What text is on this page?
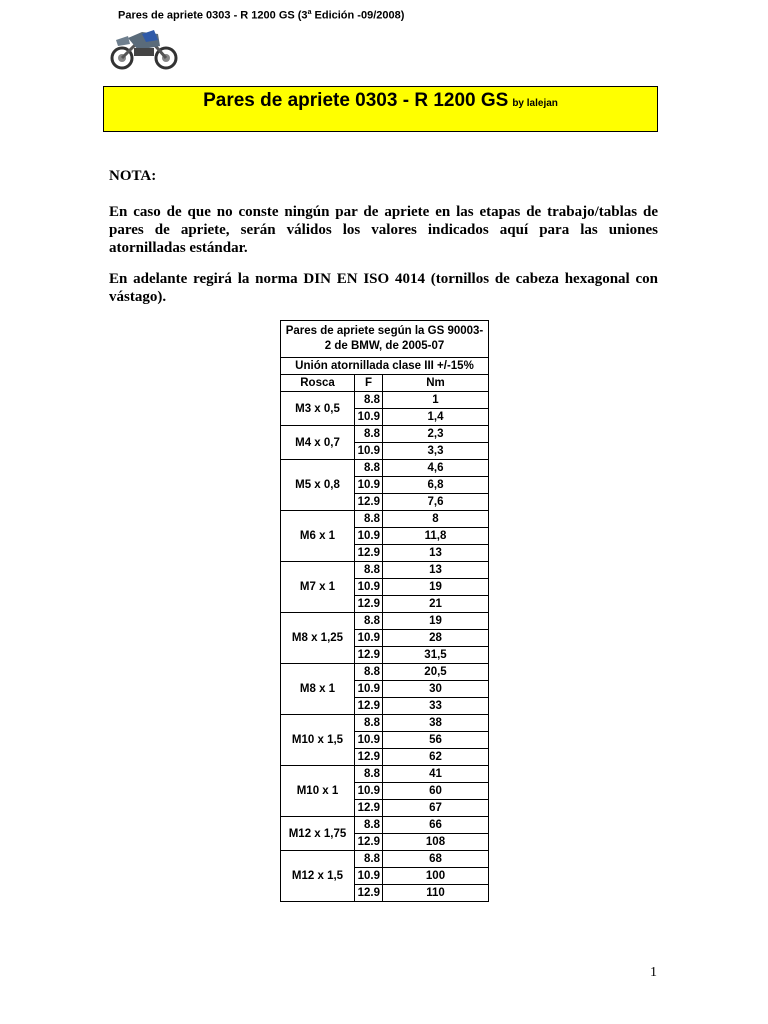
Pares de apriete 0303 - R 1200 GS (3$^a$ Edición -09/2008)
Pares de apriete 0303 - R 1200 GS by lalejan
NOTA:
En caso de que no conste ningún par de apriete en las etapas de trabajo/tablas de pares de apriete, serán válidos los valores indicados aquí para las uniones atornilladas estándar.
En adelante regirá la norma DIN EN ISO 4014 (tornillos de cabeza hexagonal con vástago).
Pares de apriete según la GS 90003-2 de BMW, de 2005-07		
Unión atornillada clase III +/-15%		
Rosca	F	Nm
M3 x 0,5	8.8	1
	10.9	1,4
M4 x 0,7	8.8	2,3
	10.9	3,3
M5 x 0,8	8.8	4,6
	10.9	6,8
	12.9	7,6
M6 x 1	8.8	8
	10.9	11,8
	12.9	13
M7 x 1	8.8	13
	10.9	19
	12.9	21
M8 x 1,25	8.8	19
	10.9	28
	12.9	31,5
M8 x 1	8.8	20,5
	10.9	30
	12.9	33
M10 x 1,5	8.8	38
	10.9	56
	12.9	62
M10 x 1	8.8	41
	10.9	60
	12.9	67
M12 x 1,75	8.8	66
	12.9	108
M12 x 1,5	8.8	68
	10.9	100
	12.9	110
1
